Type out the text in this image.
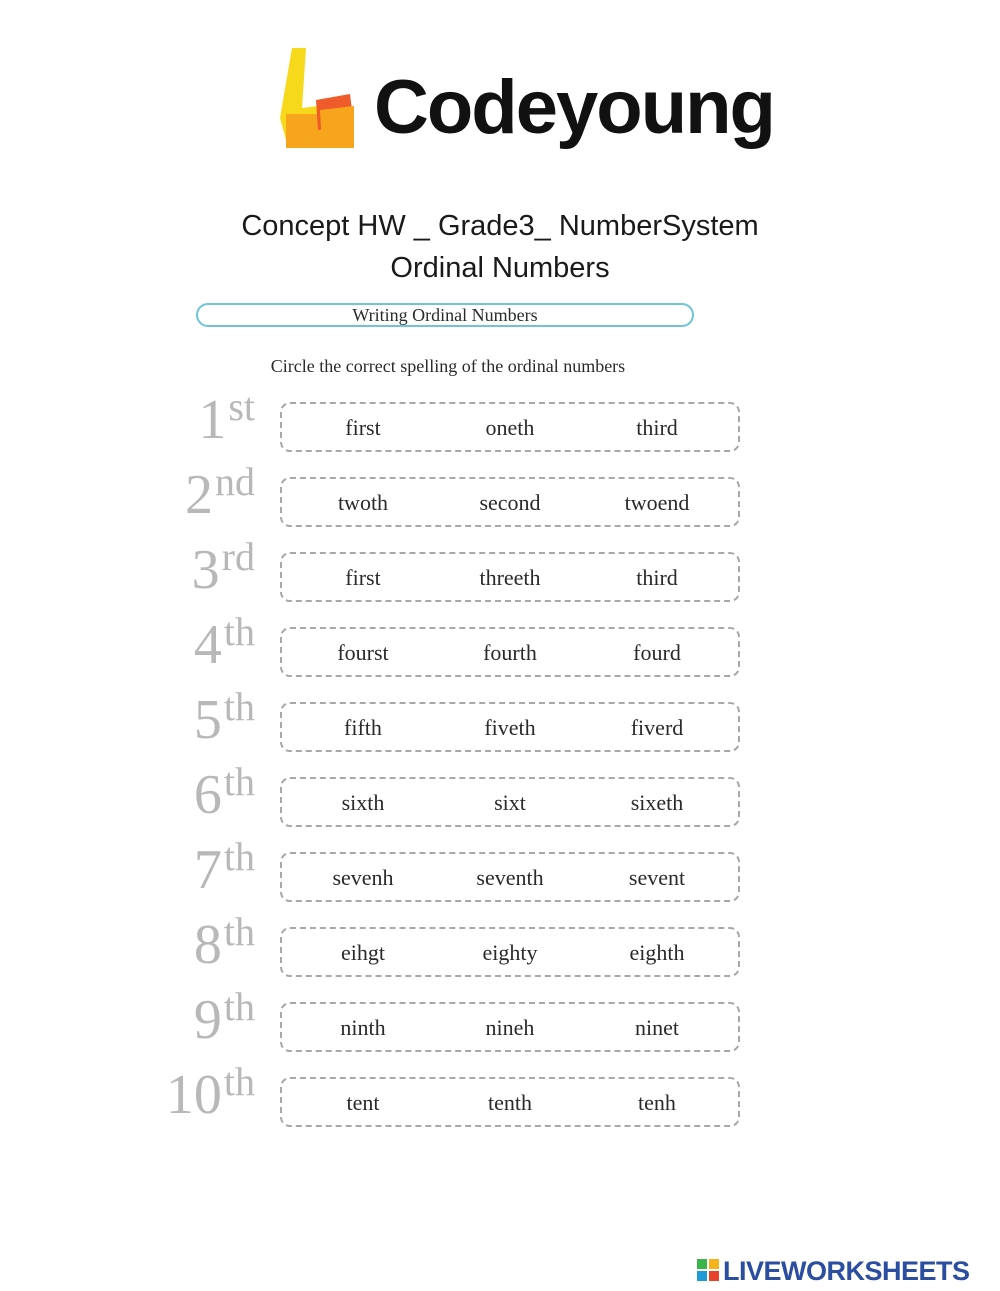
Codeyoung
Concept HW _ Grade3_ NumberSystem
Ordinal Numbers
Writing Ordinal Numbers
Circle the correct spelling of the ordinal numbers
1st	first	oneth	third
2nd	twoth	second	twoend
3rd	first	threeth	third
4th	fourst	fourth	fourd
5th	fifth	fiveth	fiverd
6th	sixth	sixt	sixeth
7th	sevenh	seventh	sevent
8th	eihgt	eighty	eighth
9th	ninth	nineh	ninet
10th	tent	tenth	tenh
LIVEWORKSHEETS
